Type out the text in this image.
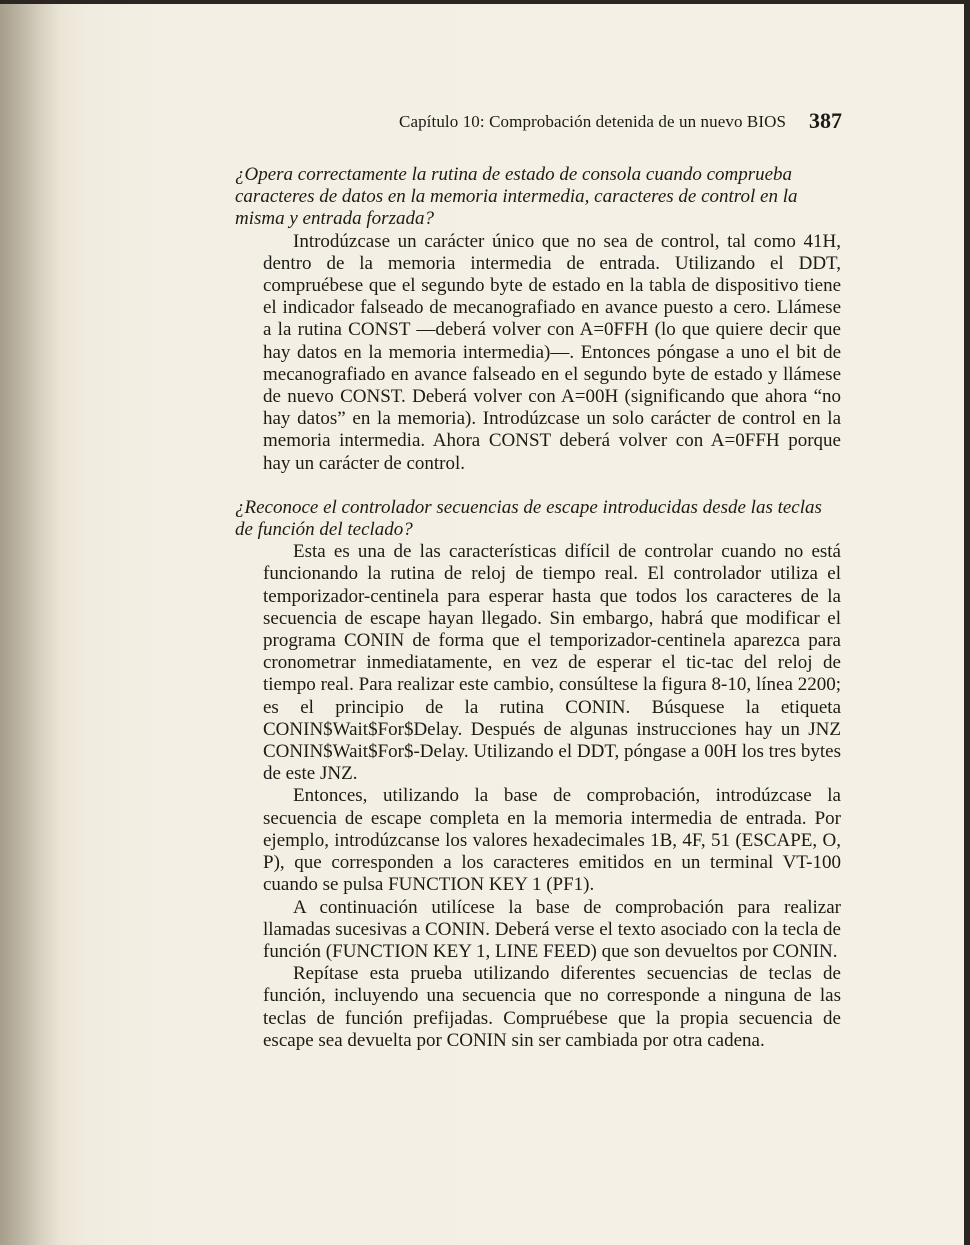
Capítulo 10: Comprobación detenida de un nuevo BIOS 387

¿Opera correctamente la rutina de estado de consola cuando comprueba caracteres de datos en la memoria intermedia, caracteres de control en la misma y entrada forzada?

Introdúzcase un carácter único que no sea de control, tal como 41H, dentro de la memoria intermedia de entrada. Utilizando el DDT, compruébese que el segundo byte de estado en la tabla de dispositivo tiene el indicador falseado de mecanografiado en avance puesto a cero. Llámese a la rutina CONST —deberá volver con A=0FFH (lo que quiere decir que hay datos en la memoria intermedia)—. Entonces póngase a uno el bit de mecanografiado en avance falseado en el segundo byte de estado y llámese de nuevo CONST. Deberá volver con A=00H (significando que ahora “no hay datos” en la memoria). Introdúzcase un solo carácter de control en la memoria intermedia. Ahora CONST deberá volver con A=0FFH porque hay un carácter de control.

¿Reconoce el controlador secuencias de escape introducidas desde las teclas de función del teclado?

Esta es una de las características difícil de controlar cuando no está funcionando la rutina de reloj de tiempo real. El controlador utiliza el temporizador-centinela para esperar hasta que todos los caracteres de la secuencia de escape hayan llegado. Sin embargo, habrá que modificar el programa CONIN de forma que el temporizador-centinela aparezca para cronometrar inmediatamente, en vez de esperar el tic-tac del reloj de tiempo real. Para realizar este cambio, consúltese la figura 8-10, línea 2200; es el principio de la rutina CONIN. Búsquese la etiqueta CONIN$Wait$For$Delay. Después de algunas instrucciones hay un JNZ CONIN$Wait$For$-Delay. Utilizando el DDT, póngase a 00H los tres bytes de este JNZ.

Entonces, utilizando la base de comprobación, introdúzcase la secuencia de escape completa en la memoria intermedia de entrada. Por ejemplo, introdúzcanse los valores hexadecimales 1B, 4F, 51 (ESCAPE, O, P), que corresponden a los caracteres emitidos en un terminal VT-100 cuando se pulsa FUNCTION KEY 1 (PF1).

A continuación utilícese la base de comprobación para realizar llamadas sucesivas a CONIN. Deberá verse el texto asociado con la tecla de función (FUNCTION KEY 1, LINE FEED) que son devueltos por CONIN.

Repítase esta prueba utilizando diferentes secuencias de teclas de función, incluyendo una secuencia que no corresponde a ninguna de las teclas de función prefijadas. Compruébese que la propia secuencia de escape sea devuelta por CONIN sin ser cambiada por otra cadena.
